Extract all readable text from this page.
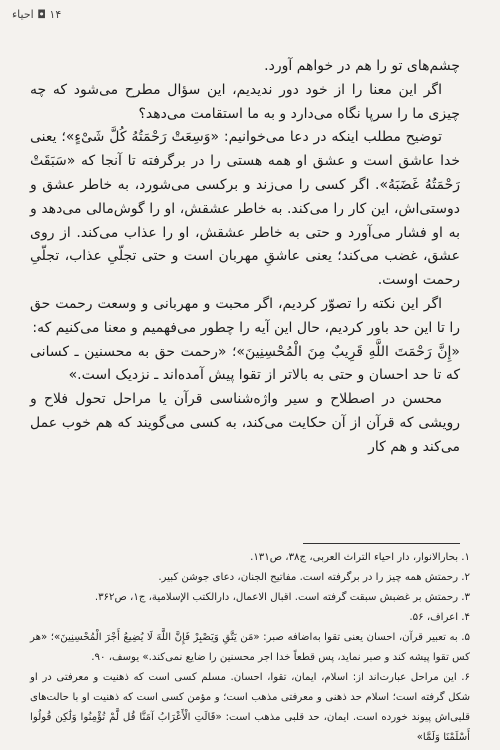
١۴ ◘ احياء

چشم‌های تو را هم در خواهم آورد.

اگر این معنا را از خود دور ندیدیم، این سؤال مطرح می‌شود که چه چیزی ما را سرپا نگاه می‌دارد و به ما استقامت می‌دهد؟

توضیح مطلب اینکه در دعا می‌خوانیم: «وَسِعَتْ رَحْمَتُهُ کُلَّ شَیْءٍ»؛ یعنی خدا عاشق است و عشق او همه هستی را در برگرفته تا آنجا که «سَبَقَتْ رَحْمَتُهُ غَضَبَهُ». اگر کسی را می‌زند و برکسی می‌شورد، به خاطر عشق و دوستی‌اش، این کار را می‌کند. به خاطر عشقش، او را گوش‌مالی می‌دهد و به او فشار می‌آورد و حتی به خاطر عشقش، او را عذاب می‌کند. از روی عشق، غضب می‌کند؛ یعنی عاشقِ مهربان است و حتی تجلّیِ عذاب، تجلّیِ رحمت اوست.

اگر این نکته را تصوّر کردیم، اگر محبت و مهربانی و وسعت رحمت حق را تا این حد باور کردیم، حال این آیه را چطور می‌فهمیم و معنا می‌کنیم که:

«إِنَّ رَحْمَتَ اللَّهِ قَرِیبٌ مِنَ الْمُحْسِنِینَ»؛ «رحمت حق به محسنین ـ کسانی که تا حد احسان و حتی به بالاتر از تقوا پیش آمده‌اند ـ نزدیک است.»

محسن در اصطلاح و سیر واژه‌شناسی قرآن یا مراحل تحول فلاح و رویشی که قرآن از آن حکایت می‌کند، به کسی می‌گویند که هم خوب عمل می‌کند و هم کار

١. بحارالانوار، دار احیاء التراث العربی، ج٣٨، ص١٣١.

٢. رحمتش همه چیز را در برگرفته است. مفاتیح الجنان، دعای جوشن کبیر.

٣. رحمتش بر غضبش سبقت گرفته است. اقبال الاعمال، دارالکتب الإسلامیة، ج١، ص٣۶٢.

۴. اعراف، ۵۶.

۵. به تعبیر قرآن، احسان یعنی تقوا به‌اضافه صبر: «مَن یَتَّقِ وَیَصْبِرْ فَإِنَّ اللَّهَ لَا یُضِیعُ أَجْرَ الْمُحْسِنِینَ»؛ «هر کس تقوا پیشه کند و صبر نماید، پس قطعاً خدا اجر محسنین را ضایع نمی‌کند.» یوسف، ٩٠.

۶. این مراحل عبارت‌اند از: اسلام، ایمان، تقوا، احسان. مسلم کسی است که ذهنیت و معرفتی در او شکل گرفته است؛ اسلام حد ذهنی و معرفتی مذهب است؛ و مؤمن کسی است که ذهنیت او با حالت‌های قلبی‌اش پیوند خورده است. ایمان، حد قلبی مذهب است: «قَالَتِ الْأَعْرَابُ آمَنَّا قُل لَّمْ تُؤْمِنُوا وَلَٰکِن قُولُوا أَسْلَمْنَا وَلَمَّا»
